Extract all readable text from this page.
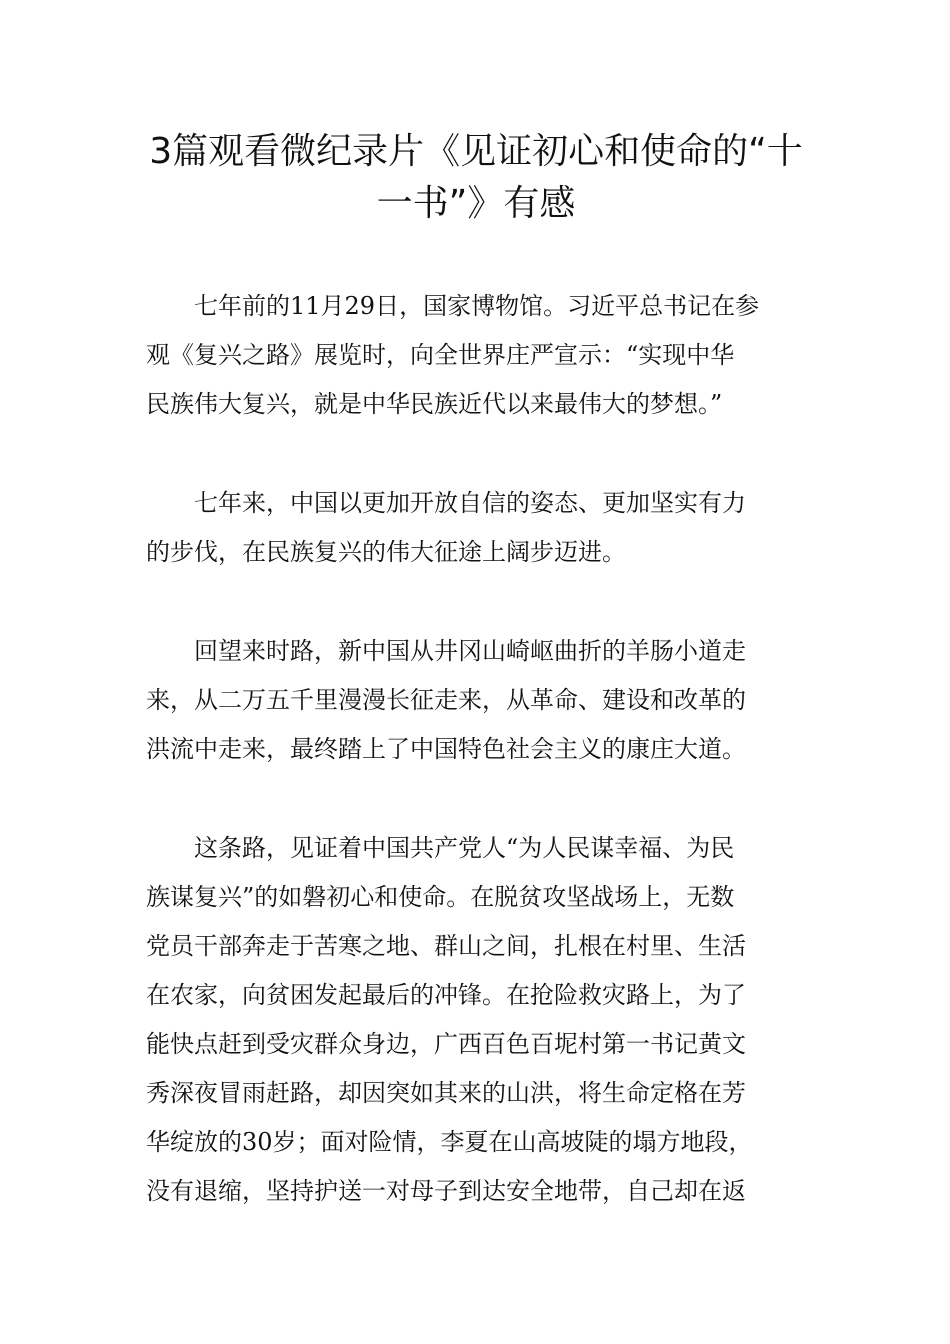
3篇观看微纪录片《见证初心和使命的“十
一书”》有感

七年前的11月29日，国家博物馆。习近平总书记在参
观《复兴之路》展览时，向全世界庄严宣示：“实现中华
民族伟大复兴，就是中华民族近代以来最伟大的梦想。”

七年来，中国以更加开放自信的姿态、更加坚实有力
的步伐，在民族复兴的伟大征途上阔步迈进。

回望来时路，新中国从井冈山崎岖曲折的羊肠小道走
来，从二万五千里漫漫长征走来，从革命、建设和改革的
洪流中走来，最终踏上了中国特色社会主义的康庄大道。

这条路，见证着中国共产党人“为人民谋幸福、为民
族谋复兴”的如磐初心和使命。在脱贫攻坚战场上，无数
党员干部奔走于苦寒之地、群山之间，扎根在村里、生活
在农家，向贫困发起最后的冲锋。在抢险救灾路上，为了
能快点赶到受灾群众身边，广西百色百坭村第一书记黄文
秀深夜冒雨赶路，却因突如其来的山洪，将生命定格在芳
华绽放的30岁；面对险情，李夏在山高坡陡的塌方地段，
没有退缩，坚持护送一对母子到达安全地带，自己却在返
